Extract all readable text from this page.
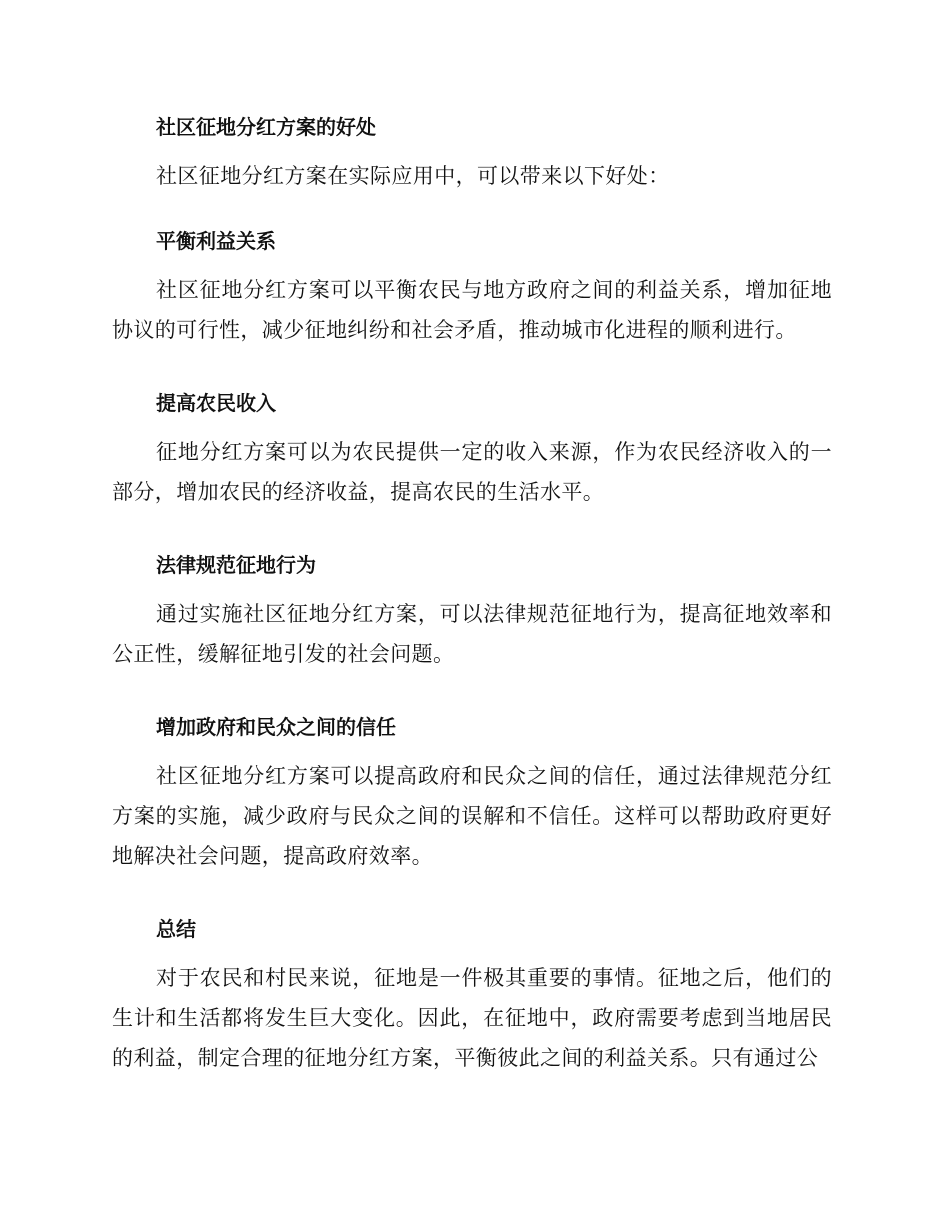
社区征地分红方案的好处

社区征地分红方案在实际应用中，可以带来以下好处：

平衡利益关系

社区征地分红方案可以平衡农民与地方政府之间的利益关系，增加征地协议的可行性，减少征地纠纷和社会矛盾，推动城市化进程的顺利进行。

提高农民收入

征地分红方案可以为农民提供一定的收入来源，作为农民经济收入的一部分，增加农民的经济收益，提高农民的生活水平。

法律规范征地行为

通过实施社区征地分红方案，可以法律规范征地行为，提高征地效率和公正性，缓解征地引发的社会问题。

增加政府和民众之间的信任

社区征地分红方案可以提高政府和民众之间的信任，通过法律规范分红方案的实施，减少政府与民众之间的误解和不信任。这样可以帮助政府更好地解决社会问题，提高政府效率。

总结

对于农民和村民来说，征地是一件极其重要的事情。征地之后，他们的生计和生活都将发生巨大变化。因此，在征地中，政府需要考虑到当地居民的利益，制定合理的征地分红方案，平衡彼此之间的利益关系。只有通过公
